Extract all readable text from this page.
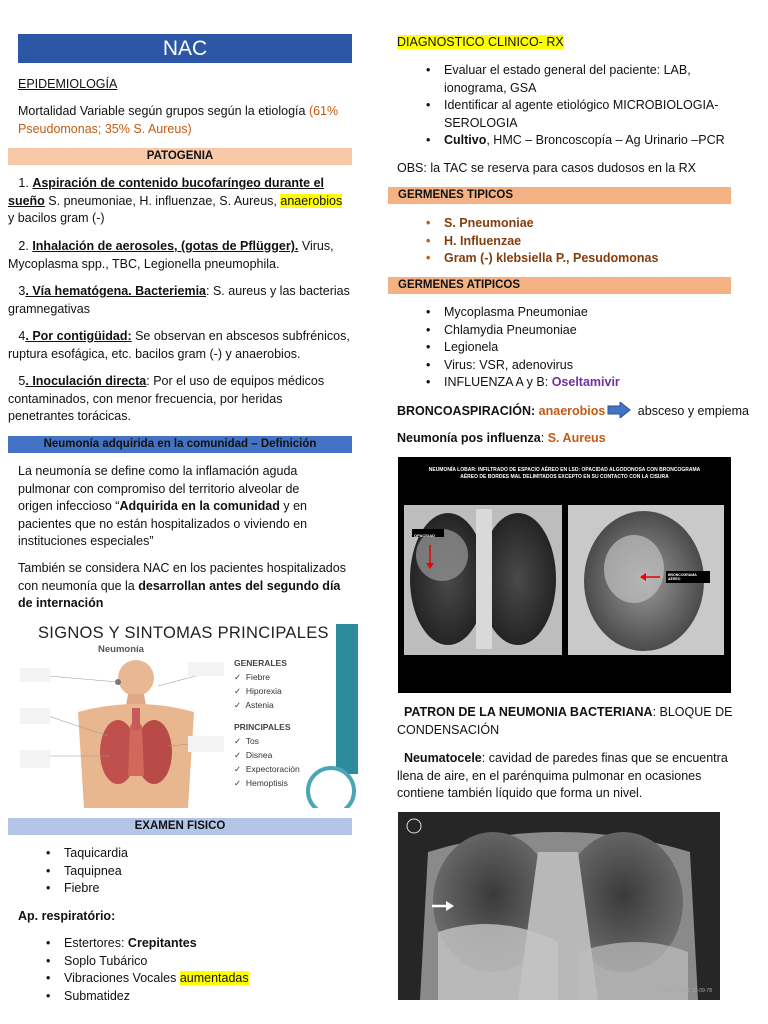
NAC
EPIDEMIOLOGÍA
Mortalidad Variable según grupos según la etiología (61%
Pseudomonas; 35% S. Aureus)
PATOGENIA
1. Aspiración de contenido bucofaríngeo durante el
sueño S. pneumoniae, H. influenzae, S. Aureus, anaerobios
y bacilos gram (-)
2. Inhalación de aerosoles, (gotas de Pflügger). Virus,
Mycoplasma spp., TBC, Legionella pneumophila.
3. Vía hematógena. Bacteriemia: S. aureus y las bacterias
gramnegativas
4. Por contigüidad: Se observan en abscesos subfrénicos,
ruptura esofágica, etc. bacilos gram (-) y anaerobios.
5. Inoculación directa: Por el uso de equipos médicos
contaminados, con menor frecuencia, por heridas
penetrantes torácicas.
Neumonía adquirida en la comunidad – Definición
La neumonía se define como la inflamación aguda
pulmonar con compromiso del territorio alveolar de
origen infeccioso “Adquirida en la comunidad y en
pacientes que no están hospitalizados o viviendo en
instituciones especiales”
También se considera NAC en los pacientes hospitalizados
con neumonía que la desarrollan antes del segundo día
de internación
SIGNOS Y SINTOMAS PRINCIPALES
Neumonía
GENERALES
✓ Fiebre
✓ Hiporexia
✓ Astenia
PRINCIPALES
✓ Tos
✓ Disnea
✓ Expectoración
✓ Hemoptisis
EXAMEN FISICO
• Taquicardia
• Taquipnea
• Fiebre
Ap. respiratório:
• Estertores: Crepitantes
• Soplo Tubárico
• Vibraciones Vocales aumentadas
• Submatidez
DIAGNOSTICO CLINICO- RX
• Evaluar el estado general del paciente: LAB,
ionograma, GSA
• Identificar al agente etiológico MICROBIOLOGIA-
SEROLOGIA
• Cultivo, HMC – Broncoscopía – Ag Urinario –PCR
OBS: la TAC se reserva para casos dudosos en la RX
GERMENES TIPICOS
• S. Pneumoniae
• H. Influenzae
• Gram (-) klebsiella P., Pesudomonas
GERMENES ATIPICOS
• Mycoplasma Pneumoniae
• Chlamydia Pneumoniae
• Legionela
• Virus: VSR, adenovirus
• INFLUENZA A y B: Oseltamivir
BRONCOASPIRACIÓN: anaerobios	absceso y empiema
Neumonía pos influenza: S. Aureus
NEUMONÍA LOBAR: INFILTRADO DE ESPACIO AÉREO EN LSD: OPACIDAD ALGODONOSA CON BRONCOGRAMA
AÉREO DE BORDES MAL DELIMITADOS EXCEPTO EN SU CONTACTO CON LA CISURA
OPACIDAD
BRONCOGRAMA AÉREO
PATRON DE LA NEUMONIA BACTERIANA: BLOQUE DE
CONDENSACIÓN
Neumatocele: cavidad de paredes finas que se encuentra
llena de aire, en el parénquima pulmonar en ocasiones
contiene también líquido que forma un nivel.
Smmpn, 2016-12-09-78
